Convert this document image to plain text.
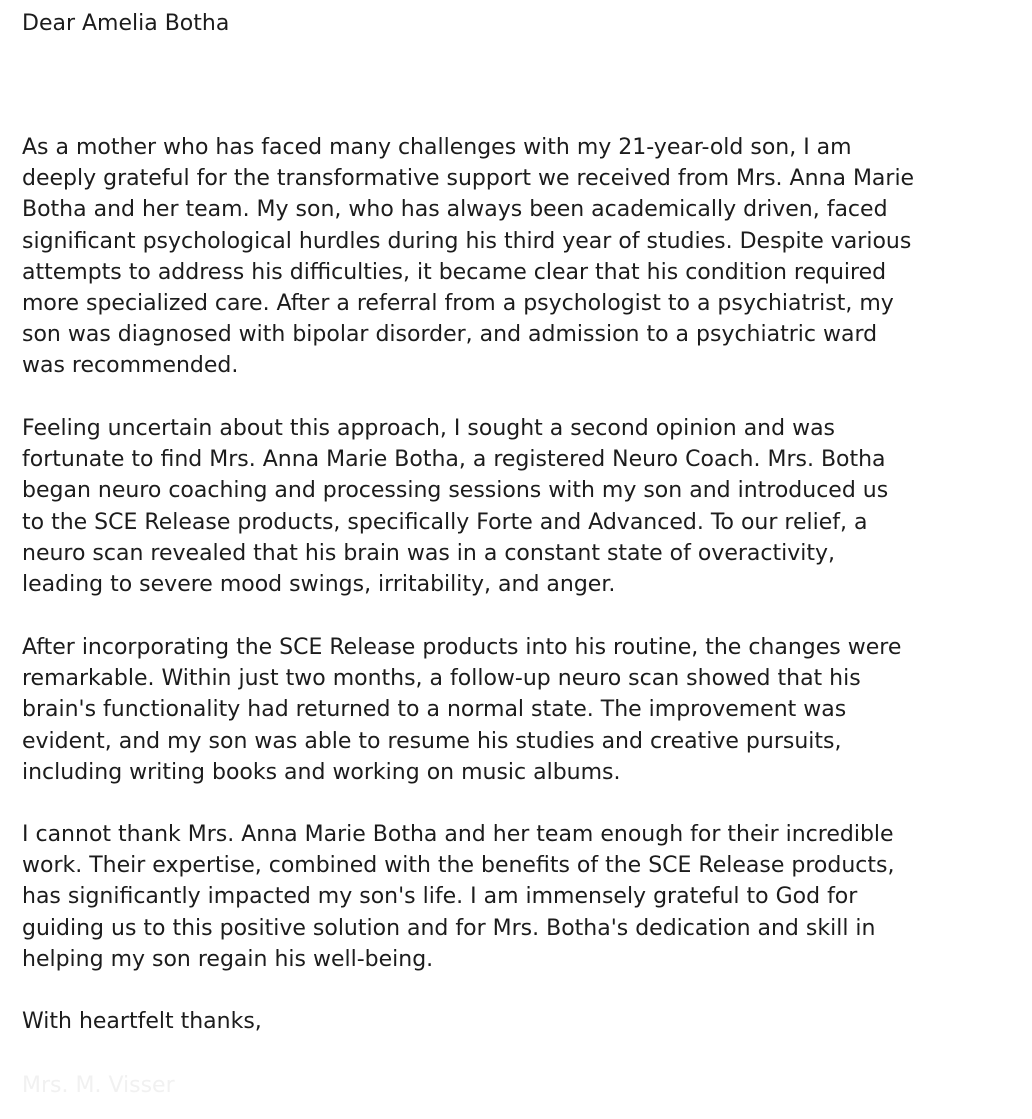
Dear Amelia Botha

As a mother who has faced many challenges with my 21-year-old son, I am
deeply grateful for the transformative support we received from Mrs. Anna Marie
Botha and her team. My son, who has always been academically driven, faced
significant psychological hurdles during his third year of studies. Despite various
attempts to address his difficulties, it became clear that his condition required
more specialized care. After a referral from a psychologist to a psychiatrist, my
son was diagnosed with bipolar disorder, and admission to a psychiatric ward
was recommended.
Feeling uncertain about this approach, I sought a second opinion and was
fortunate to find Mrs. Anna Marie Botha, a registered Neuro Coach. Mrs. Botha
began neuro coaching and processing sessions with my son and introduced us
to the SCE Release products, specifically Forte and Advanced. To our relief, a
neuro scan revealed that his brain was in a constant state of overactivity,
leading to severe mood swings, irritability, and anger.
After incorporating the SCE Release products into his routine, the changes were
remarkable. Within just two months, a follow-up neuro scan showed that his
brain's functionality had returned to a normal state. The improvement was
evident, and my son was able to resume his studies and creative pursuits,
including writing books and working on music albums.
I cannot thank Mrs. Anna Marie Botha and her team enough for their incredible
work. Their expertise, combined with the benefits of the SCE Release products,
has significantly impacted my son's life. I am immensely grateful to God for
guiding us to this positive solution and for Mrs. Botha's dedication and skill in
helping my son regain his well-being.

With heartfelt thanks,

Mrs. M. Visser
